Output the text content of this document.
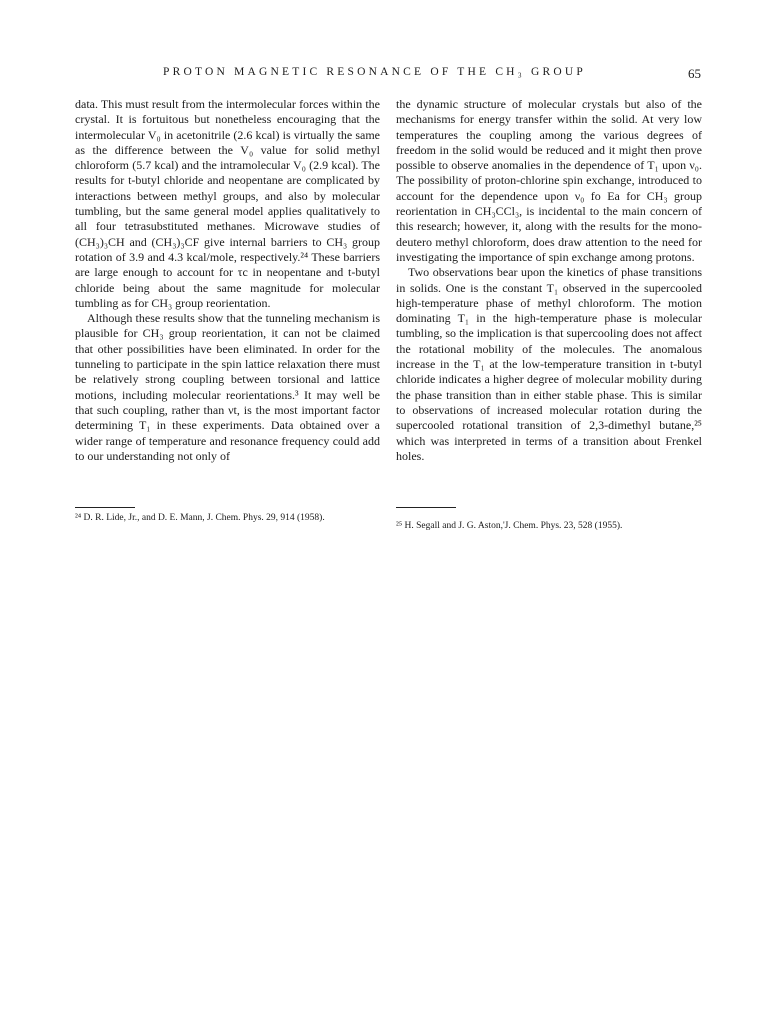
PROTON MAGNETIC RESONANCE OF THE CH₃ GROUP	65

data. This must result from the intermolecular forces within the crystal. It is fortuitous but nonetheless encouraging that the intermolecular V₀ in acetonitrile (2.6 kcal) is virtually the same as the difference between the V₀ value for solid methyl chloroform (5.7 kcal) and the intramolecular V₀ (2.9 kcal). The results for t-butyl chloride and neopentane are complicated by interactions between methyl groups, and also by molecular tumbling, but the same general model applies qualitatively to all four tetrasubstituted methanes. Microwave studies of (CH₃)₃CH and (CH₃)₃CF give internal barriers to CH₃ group rotation of 3.9 and 4.3 kcal/mole, respectively.²⁴ These barriers are large enough to account for τc in neopentane and t-butyl chloride being about the same magnitude for molecular tumbling as for CH₃ group reorientation.

Although these results show that the tunneling mechanism is plausible for CH₃ group reorientation, it can not be claimed that other possibilities have been eliminated. In order for the tunneling to participate in the spin lattice relaxation there must be relatively strong coupling between torsional and lattice motions, including molecular reorientations.³ It may well be that such coupling, rather than νt, is the most important factor determining T₁ in these experiments. Data obtained over a wider range of temperature and resonance frequency could add to our understanding not only of

the dynamic structure of molecular crystals but also of the mechanisms for energy transfer within the solid. At very low temperatures the coupling among the various degrees of freedom in the solid would be reduced and it might then prove possible to observe anomalies in the dependence of T₁ upon ν₀. The possibility of proton-chlorine spin exchange, introduced to account for the dependence upon ν₀ fo Ea for CH₃ group reorientation in CH₃CCl₃, is incidental to the main concern of this research; however, it, along with the results for the mono-deutero methyl chloroform, does draw attention to the need for investigating the importance of spin exchange among protons.

Two observations bear upon the kinetics of phase transitions in solids. One is the constant T₁ observed in the supercooled high-temperature phase of methyl chloroform. The motion dominating T₁ in the high-temperature phase is molecular tumbling, so the implication is that supercooling does not affect the rotational mobility of the molecules. The anomalous increase in the T₁ at the low-temperature transition in t-butyl chloride indicates a higher degree of molecular mobility during the phase transition than in either stable phase. This is similar to observations of increased molecular rotation during the supercooled rotational transition of 2,3-dimethyl butane,²⁵ which was interpreted in terms of a transition about Frenkel holes.

²⁴ D. R. Lide, Jr., and D. E. Mann, J. Chem. Phys. 29, 914 (1958).
²⁵ H. Segall and J. G. Aston,'J. Chem. Phys. 23, 528 (1955).
